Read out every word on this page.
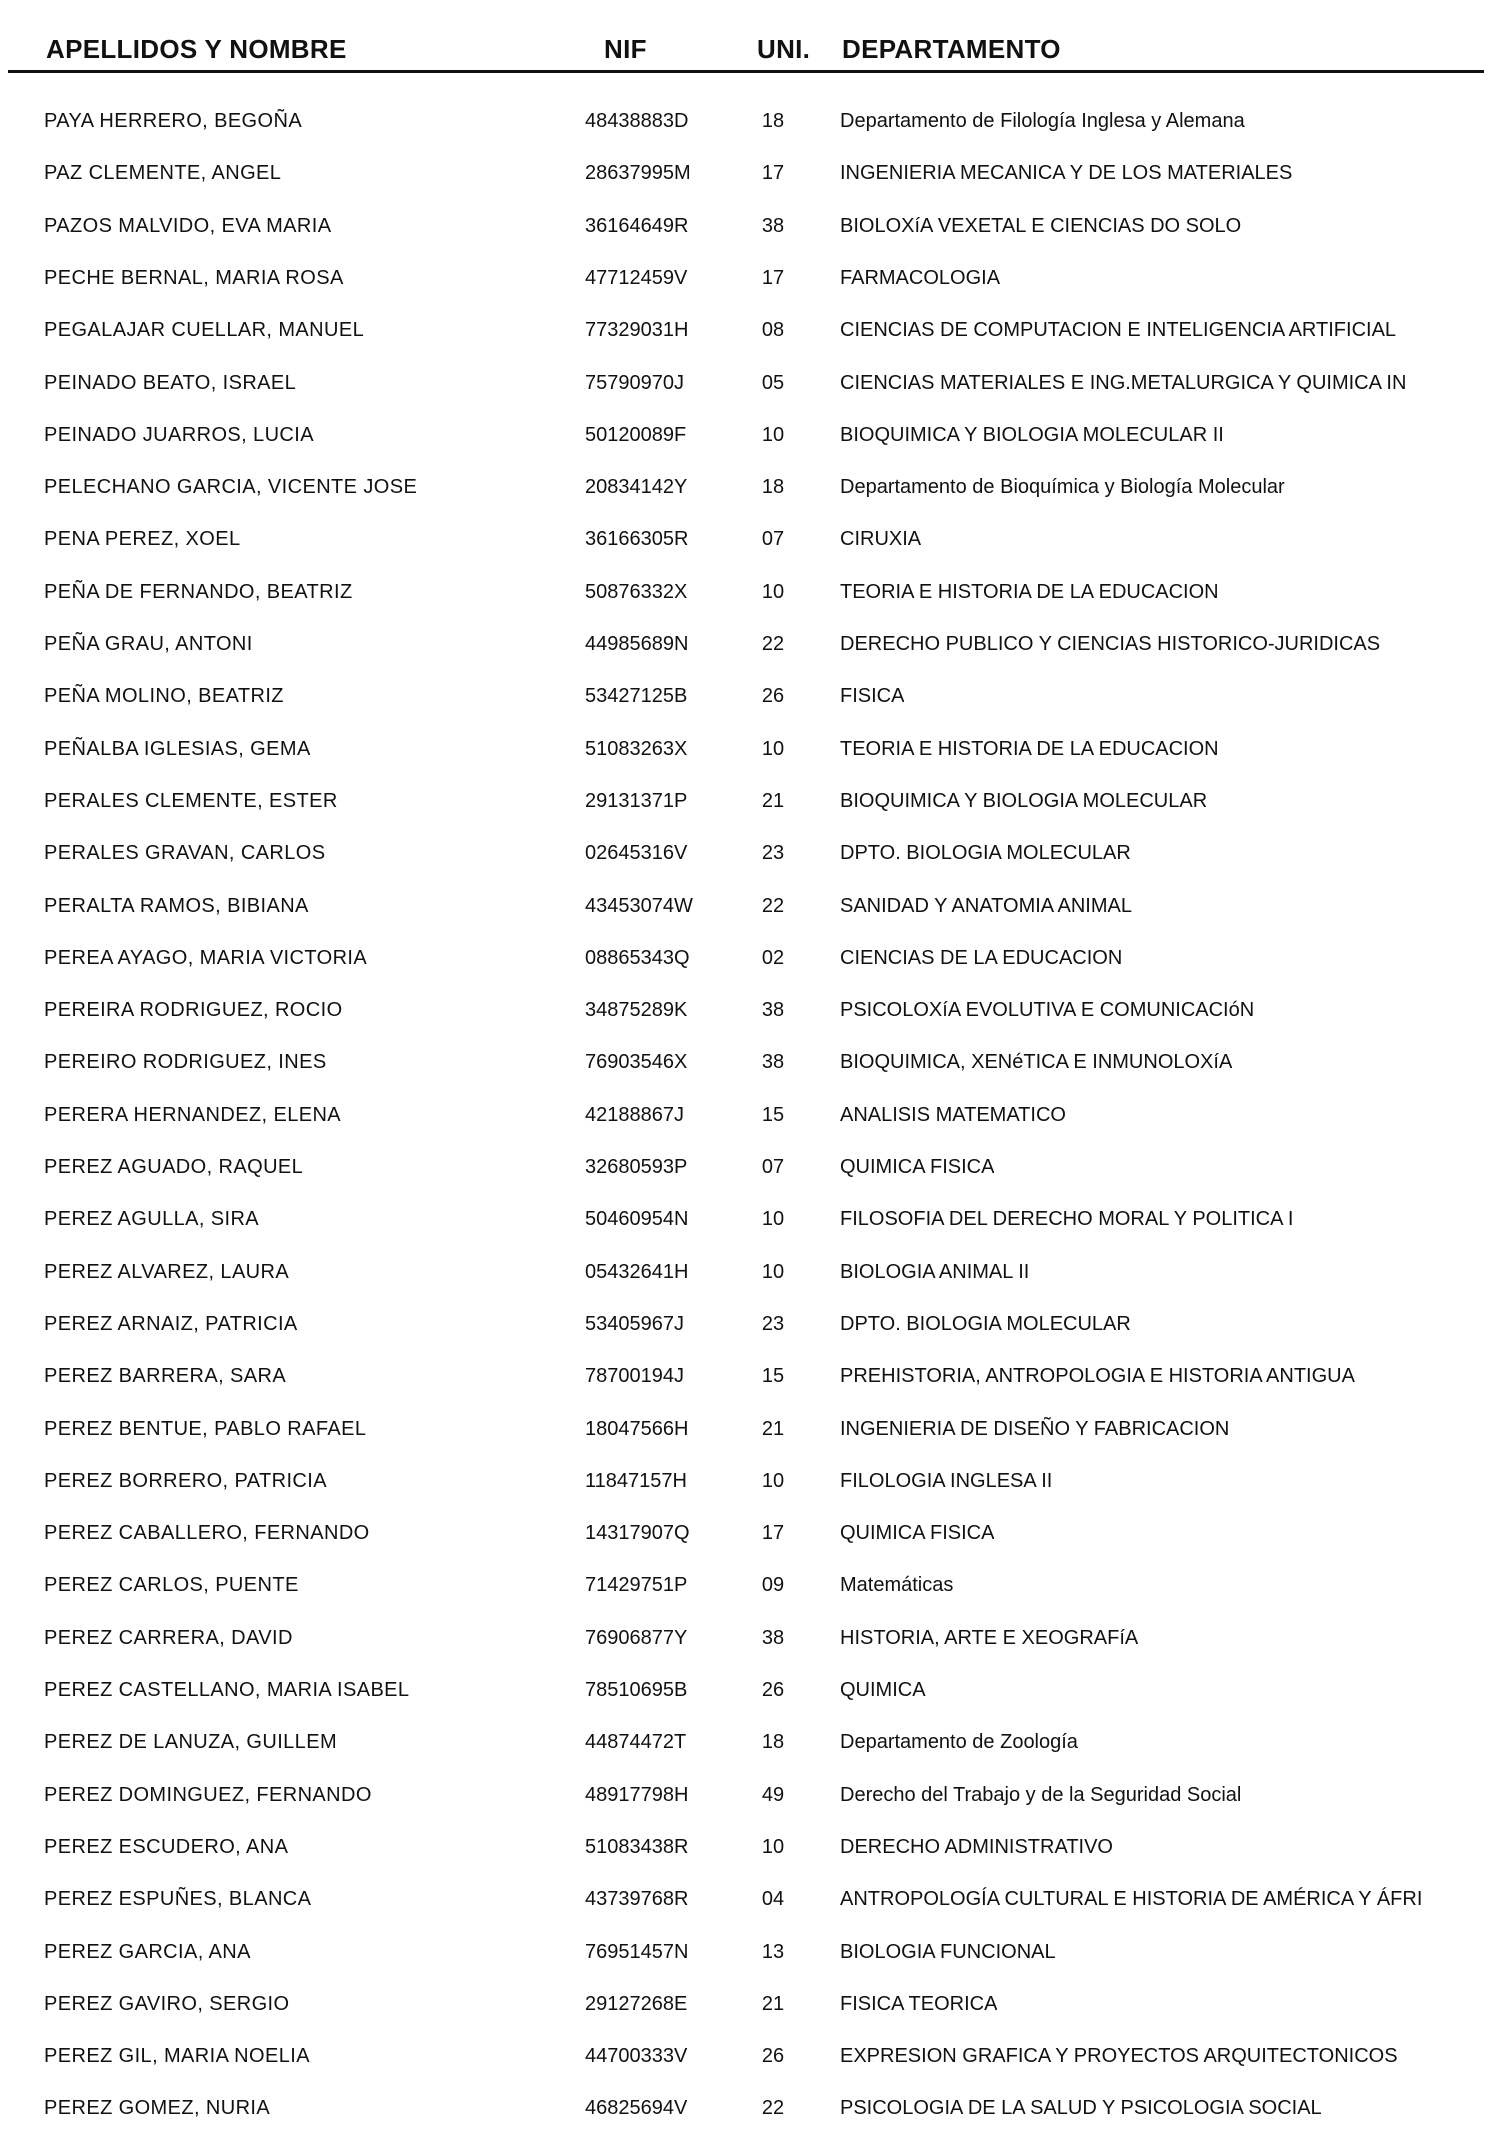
APELLIDOS Y NOMBRE	NIF	UNI. DEPARTAMENTO
PAYA HERRERO, BEGOÑA	48438883D	18	Departamento de Filología Inglesa y Alemana
PAZ CLEMENTE, ANGEL	28637995M	17	INGENIERIA MECANICA Y DE LOS MATERIALES
PAZOS MALVIDO, EVA MARIA	36164649R	38	BIOLOXíA VEXETAL E CIENCIAS DO SOLO
PECHE BERNAL, MARIA ROSA	47712459V	17	FARMACOLOGIA
PEGALAJAR CUELLAR, MANUEL	77329031H	08	CIENCIAS DE COMPUTACION E INTELIGENCIA ARTIFICIAL
PEINADO BEATO, ISRAEL	75790970J	05	CIENCIAS MATERIALES E ING.METALURGICA Y QUIMICA IN
PEINADO JUARROS, LUCIA	50120089F	10	BIOQUIMICA Y BIOLOGIA MOLECULAR II
PELECHANO GARCIA, VICENTE JOSE	20834142Y	18	Departamento de Bioquímica y Biología Molecular
PENA PEREZ, XOEL	36166305R	07	CIRUXIA
PEÑA DE FERNANDO, BEATRIZ	50876332X	10	TEORIA E HISTORIA DE LA EDUCACION
PEÑA GRAU, ANTONI	44985689N	22	DERECHO PUBLICO Y CIENCIAS HISTORICO-JURIDICAS
PEÑA MOLINO, BEATRIZ	53427125B	26	FISICA
PEÑALBA IGLESIAS, GEMA	51083263X	10	TEORIA E HISTORIA DE LA EDUCACION
PERALES CLEMENTE, ESTER	29131371P	21	BIOQUIMICA Y BIOLOGIA MOLECULAR
PERALES GRAVAN, CARLOS	02645316V	23	DPTO. BIOLOGIA MOLECULAR
PERALTA RAMOS, BIBIANA	43453074W	22	SANIDAD Y ANATOMIA ANIMAL
PEREA AYAGO, MARIA VICTORIA	08865343Q	02	CIENCIAS DE LA EDUCACION
PEREIRA RODRIGUEZ, ROCIO	34875289K	38	PSICOLOXíA EVOLUTIVA E COMUNICACIóN
PEREIRO RODRIGUEZ, INES	76903546X	38	BIOQUIMICA, XENéTICA E INMUNOLOXíA
PERERA HERNANDEZ, ELENA	42188867J	15	ANALISIS MATEMATICO
PEREZ AGUADO, RAQUEL	32680593P	07	QUIMICA FISICA
PEREZ AGULLA, SIRA	50460954N	10	FILOSOFIA DEL DERECHO MORAL Y POLITICA I
PEREZ ALVAREZ, LAURA	05432641H	10	BIOLOGIA ANIMAL II
PEREZ ARNAIZ, PATRICIA	53405967J	23	DPTO. BIOLOGIA MOLECULAR
PEREZ BARRERA, SARA	78700194J	15	PREHISTORIA, ANTROPOLOGIA E HISTORIA ANTIGUA
PEREZ BENTUE, PABLO RAFAEL	18047566H	21	INGENIERIA DE DISEÑO Y FABRICACION
PEREZ BORRERO, PATRICIA	11847157H	10	FILOLOGIA INGLESA II
PEREZ CABALLERO, FERNANDO	14317907Q	17	QUIMICA FISICA
PEREZ CARLOS, PUENTE	71429751P	09	Matemáticas
PEREZ CARRERA, DAVID	76906877Y	38	HISTORIA, ARTE E XEOGRAFíA
PEREZ CASTELLANO, MARIA ISABEL	78510695B	26	QUIMICA
PEREZ DE LANUZA, GUILLEM	44874472T	18	Departamento de Zoología
PEREZ DOMINGUEZ, FERNANDO	48917798H	49	Derecho del Trabajo y de la Seguridad Social
PEREZ ESCUDERO, ANA	51083438R	10	DERECHO ADMINISTRATIVO
PEREZ ESPUÑES, BLANCA	43739768R	04	ANTROPOLOGÍA CULTURAL E HISTORIA DE AMÉRICA Y ÁFRI
PEREZ GARCIA, ANA	76951457N	13	BIOLOGIA FUNCIONAL
PEREZ GAVIRO, SERGIO	29127268E	21	FISICA TEORICA
PEREZ GIL, MARIA NOELIA	44700333V	26	EXPRESION GRAFICA Y PROYECTOS ARQUITECTONICOS
PEREZ GOMEZ, NURIA	46825694V	22	PSICOLOGIA DE LA SALUD Y PSICOLOGIA SOCIAL
